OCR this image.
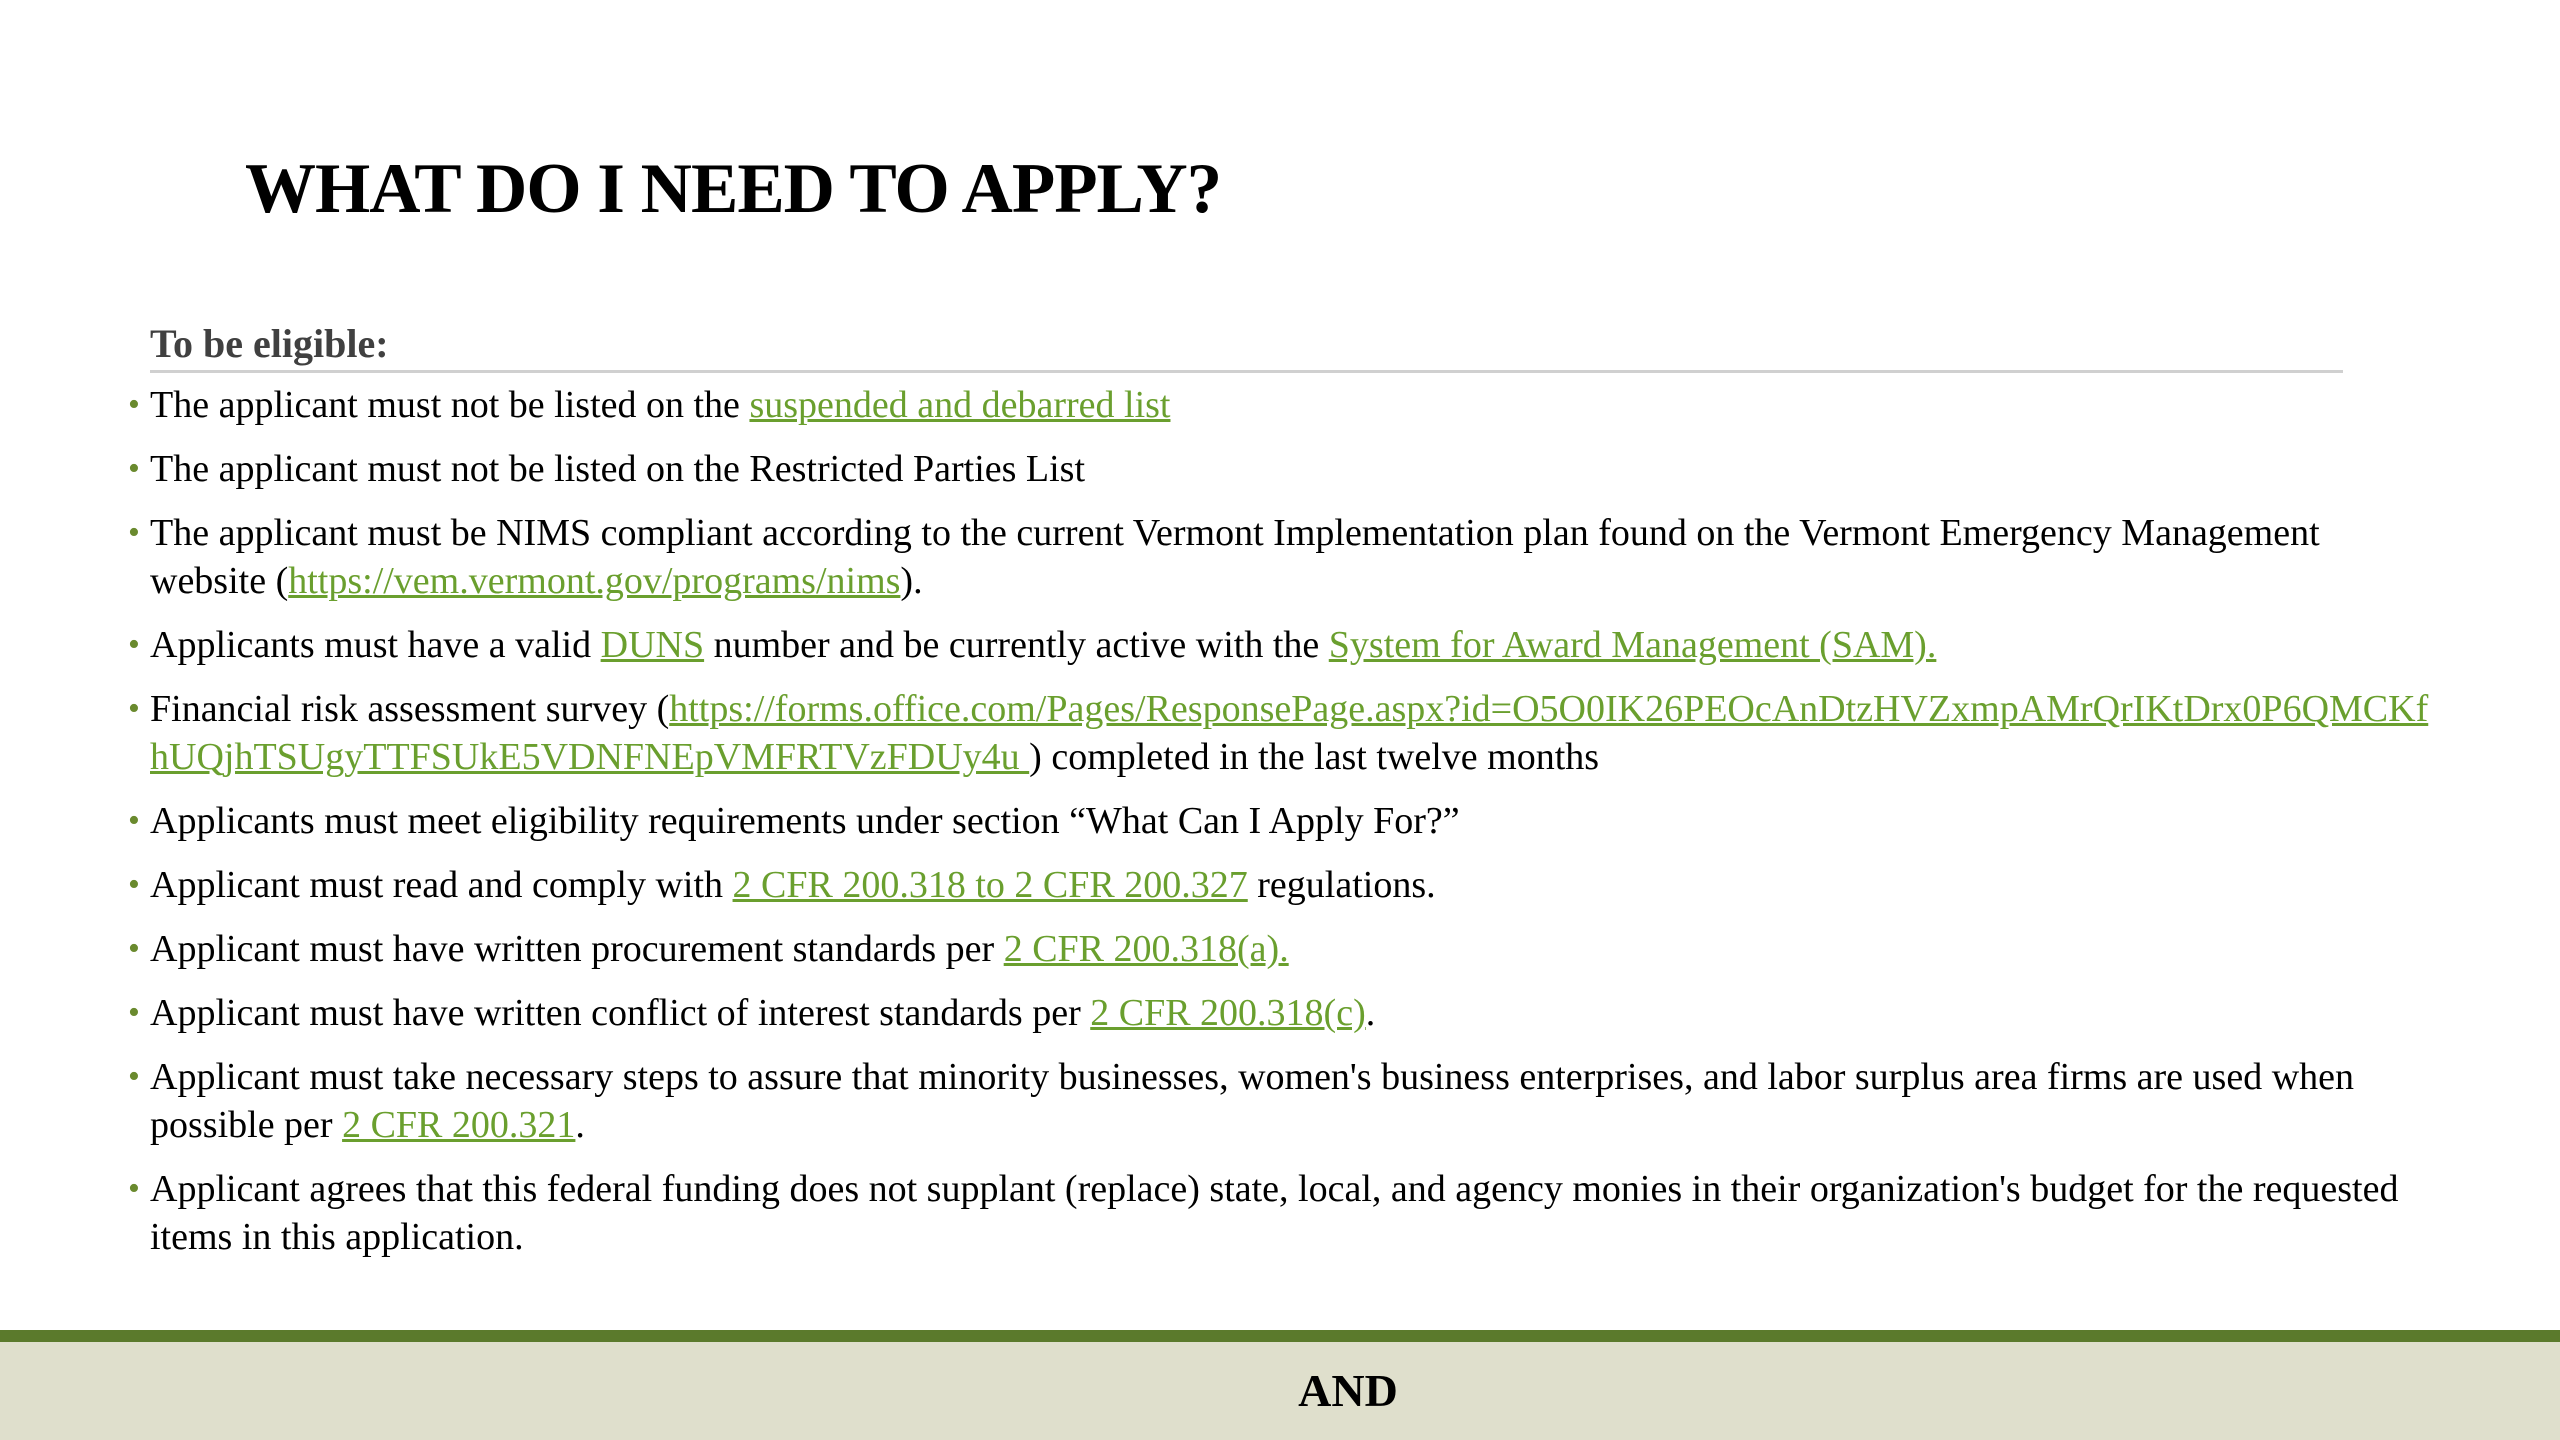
WHAT DO I NEED TO APPLY?
To be eligible:
• The applicant must not be listed on the suspended and debarred list
• The applicant must not be listed on the Restricted Parties List
• The applicant must be NIMS compliant according to the current Vermont Implementation plan found on the Vermont Emergency Management website (https://vem.vermont.gov/programs/nims).
• Applicants must have a valid DUNS number and be currently active with the System for Award Management (SAM).
• Financial risk assessment survey (https://forms.office.com/Pages/ResponsePage.aspx?id=O5O0IK26PEOcAnDtzHVZxmpAMrQrIKtDrx0P6QMCKfhUQjhTSUgyTTFSUkE5VDNFNEpVMFRTVzFDUy4u ) completed in the last twelve months
• Applicants must meet eligibility requirements under section “What Can I Apply For?”
• Applicant must read and comply with 2 CFR 200.318 to 2 CFR 200.327 regulations.
• Applicant must have written procurement standards per 2 CFR 200.318(a).
• Applicant must have written conflict of interest standards per 2 CFR 200.318(c).
• Applicant must take necessary steps to assure that minority businesses, women's business enterprises, and labor surplus area firms are used when possible per 2 CFR 200.321.
• Applicant agrees that this federal funding does not supplant (replace) state, local, and agency monies in their organization's budget for the requested items in this application.
AND
